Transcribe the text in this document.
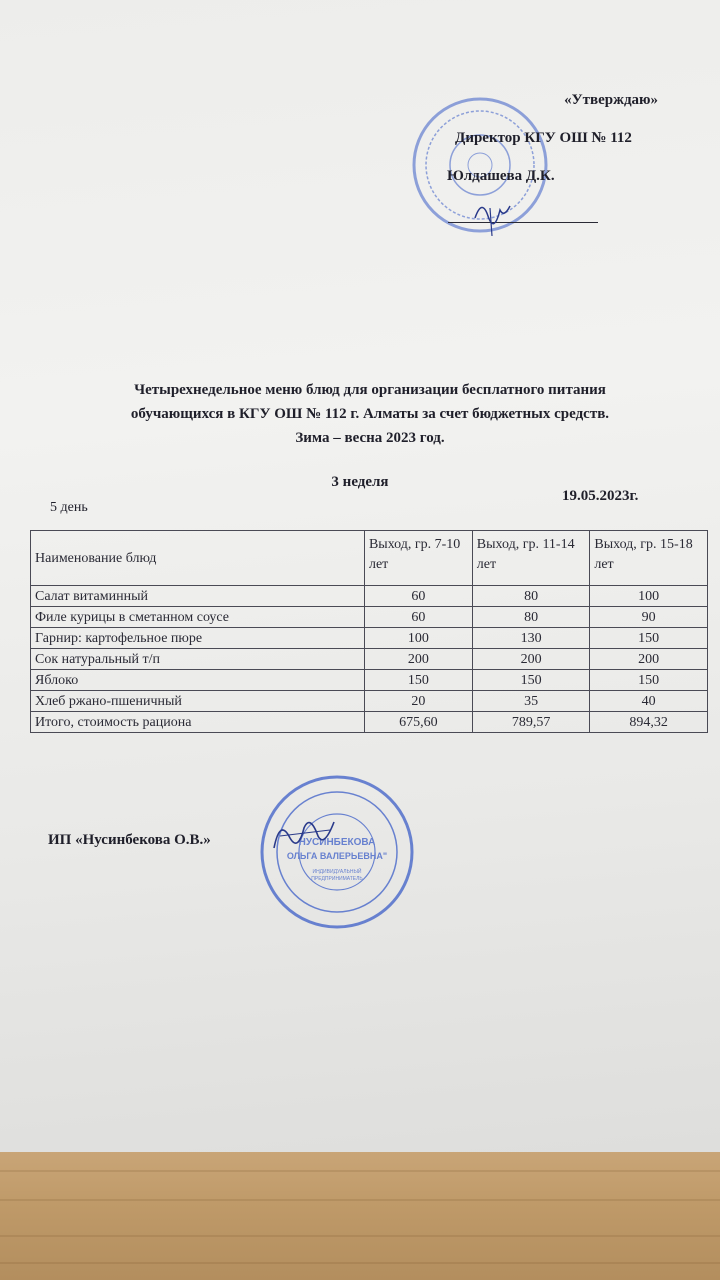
«Утверждаю»
Директор КГУ ОШ № 112
Юлдашева Д.К.
Четырехнедельное меню блюд для организации бесплатного питания
обучающихся в КГУ ОШ № 112 г. Алматы за счет бюджетных средств.
Зима – весна 2023 год.
3 неделя
5 день
19.05.2023г.
Наименование блюд	Выход, гр. 7-10 лет	Выход, гр. 11-14 лет	Выход, гр. 15-18 лет
Салат витаминный	60	80	100
Филе курицы в сметанном соусе	60	80	90
Гарнир: картофельное пюре	100	130	150
Сок натуральный т/п	200	200	200
Яблоко	150	150	150
Хлеб ржано-пшеничный	20	35	40
Итого, стоимость рациона	675,60	789,57	894,32
ИП «Нусинбекова О.В.»	НУСИНБЕКОВА
ОЛЬГА ВАЛЕРЬЕВНА"
ИНДИВИДУАЛЬНЫЙ
ПРЕДПРИНИМАТЕЛЬ
